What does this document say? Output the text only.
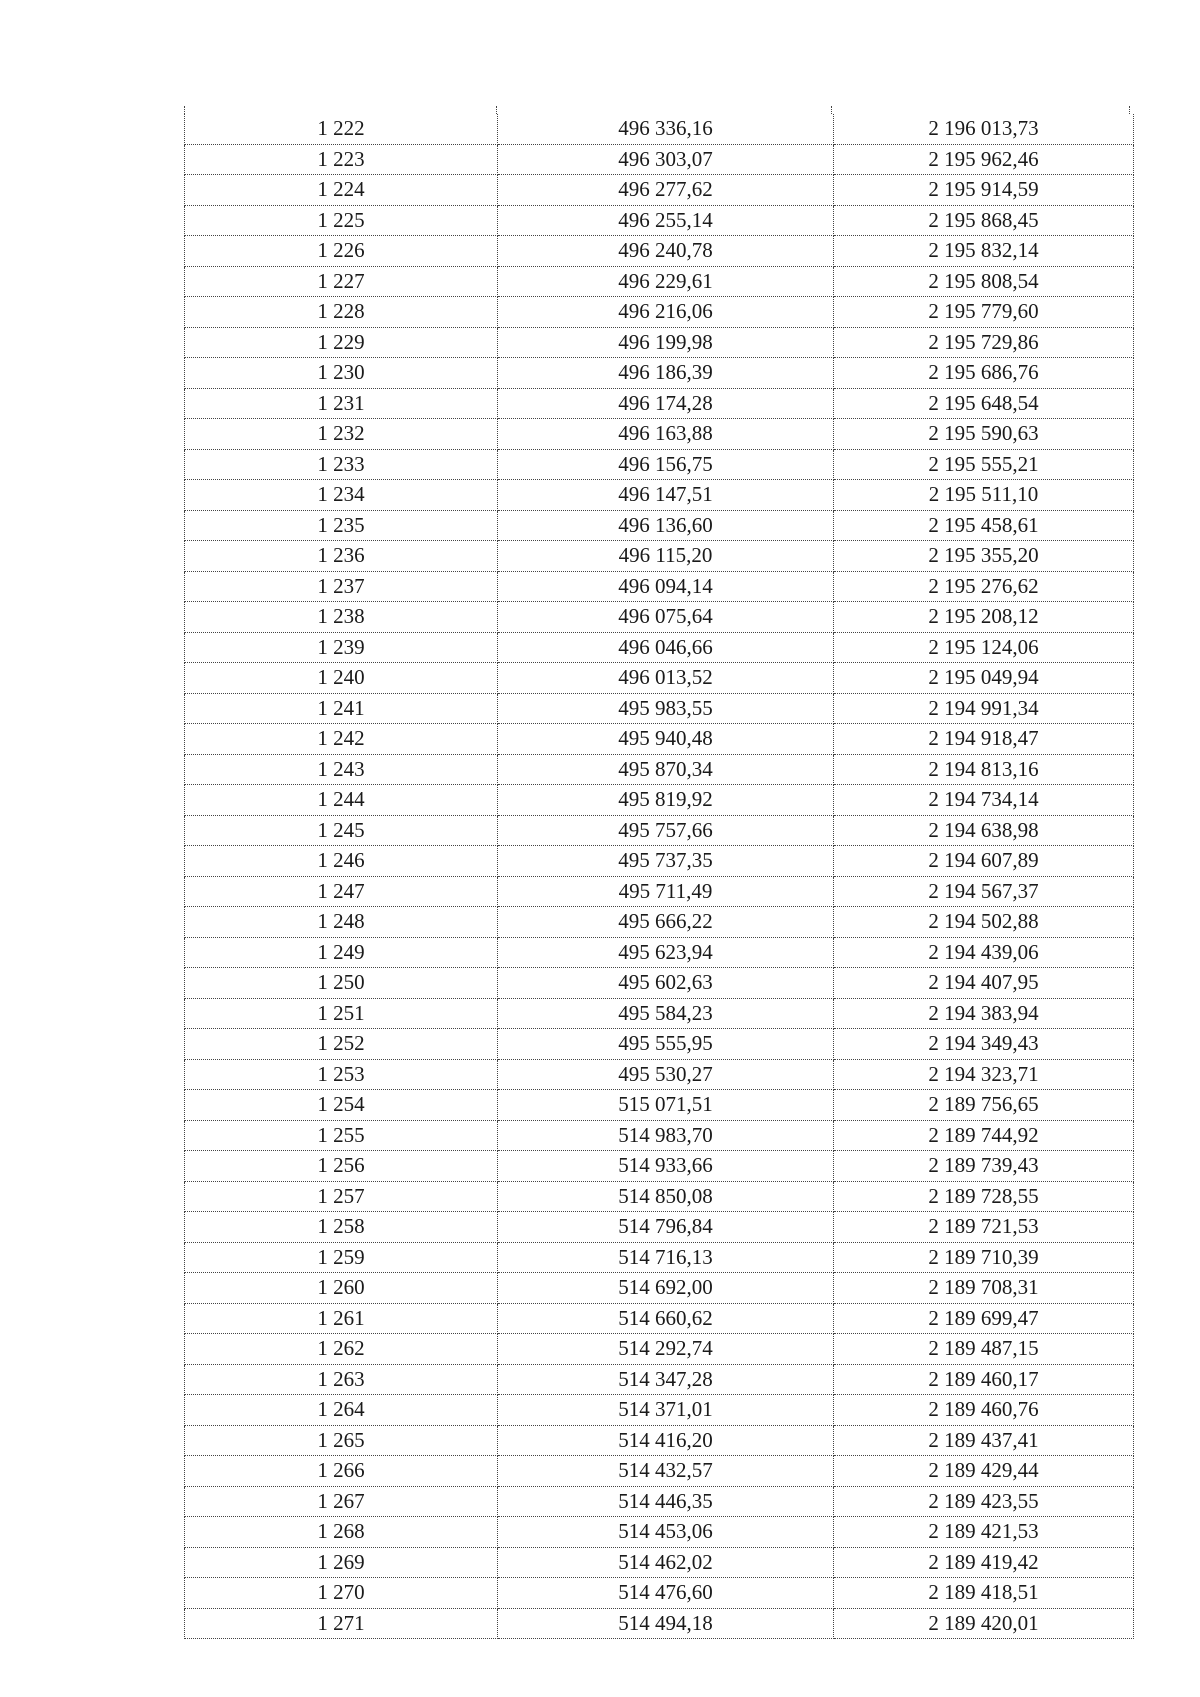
1 222	496 336,16	2 196 013,73
1 223	496 303,07	2 195 962,46
1 224	496 277,62	2 195 914,59
1 225	496 255,14	2 195 868,45
1 226	496 240,78	2 195 832,14
1 227	496 229,61	2 195 808,54
1 228	496 216,06	2 195 779,60
1 229	496 199,98	2 195 729,86
1 230	496 186,39	2 195 686,76
1 231	496 174,28	2 195 648,54
1 232	496 163,88	2 195 590,63
1 233	496 156,75	2 195 555,21
1 234	496 147,51	2 195 511,10
1 235	496 136,60	2 195 458,61
1 236	496 115,20	2 195 355,20
1 237	496 094,14	2 195 276,62
1 238	496 075,64	2 195 208,12
1 239	496 046,66	2 195 124,06
1 240	496 013,52	2 195 049,94
1 241	495 983,55	2 194 991,34
1 242	495 940,48	2 194 918,47
1 243	495 870,34	2 194 813,16
1 244	495 819,92	2 194 734,14
1 245	495 757,66	2 194 638,98
1 246	495 737,35	2 194 607,89
1 247	495 711,49	2 194 567,37
1 248	495 666,22	2 194 502,88
1 249	495 623,94	2 194 439,06
1 250	495 602,63	2 194 407,95
1 251	495 584,23	2 194 383,94
1 252	495 555,95	2 194 349,43
1 253	495 530,27	2 194 323,71
1 254	515 071,51	2 189 756,65
1 255	514 983,70	2 189 744,92
1 256	514 933,66	2 189 739,43
1 257	514 850,08	2 189 728,55
1 258	514 796,84	2 189 721,53
1 259	514 716,13	2 189 710,39
1 260	514 692,00	2 189 708,31
1 261	514 660,62	2 189 699,47
1 262	514 292,74	2 189 487,15
1 263	514 347,28	2 189 460,17
1 264	514 371,01	2 189 460,76
1 265	514 416,20	2 189 437,41
1 266	514 432,57	2 189 429,44
1 267	514 446,35	2 189 423,55
1 268	514 453,06	2 189 421,53
1 269	514 462,02	2 189 419,42
1 270	514 476,60	2 189 418,51
1 271	514 494,18	2 189 420,01
